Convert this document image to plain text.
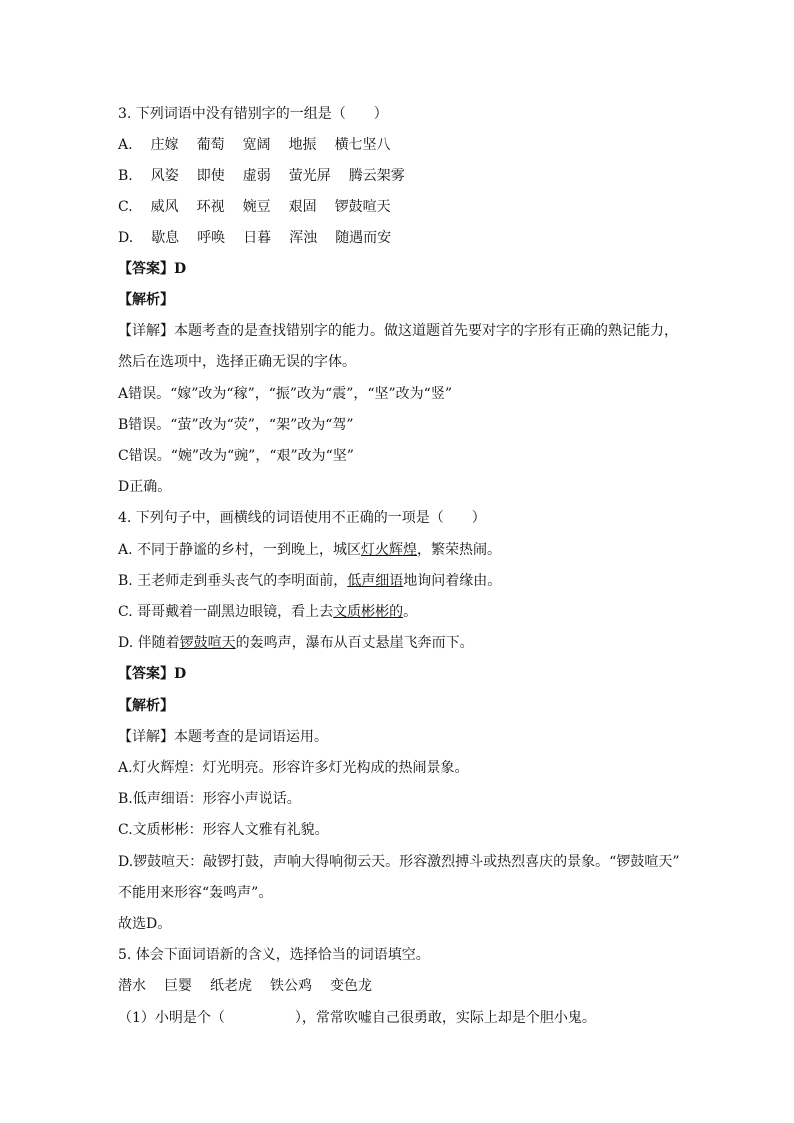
3. 下列词语中没有错别字的一组是（　　）
A. 庄嫁 葡萄 宽阔 地振 横七坚八
B. 风姿 即使 虚弱 萤光屏 腾云架雾
C. 威风 环视 婉豆 艰固 锣鼓喧天
D. 歇息 呼唤 日暮 浑浊 随遇而安
【答案】D
【解析】
【详解】本题考查的是查找错别字的能力。做这道题首先要对字的字形有正确的熟记能力，
然后在选项中，选择正确无误的字体。
A错误。“嫁”改为“稼”，“振”改为“震”，“坚”改为“竖”
B错误。“萤”改为“荧”，“架”改为“驾”
C错误。“婉”改为“豌”，“艰”改为“坚”
D正确。
4. 下列句子中，画横线的词语使用不正确的一项是（　　）
A. 不同于静谧的乡村，一到晚上，城区灯火辉煌，繁荣热闹。
B. 王老师走到垂头丧气的李明面前，低声细语地询问着缘由。
C. 哥哥戴着一副黑边眼镜，看上去文质彬彬的。
D. 伴随着锣鼓喧天的轰鸣声，瀑布从百丈悬崖飞奔而下。
【答案】D
【解析】
【详解】本题考查的是词语运用。
A.灯火辉煌：灯光明亮。形容许多灯光构成的热闹景象。
B.低声细语：形容小声说话。
C.文质彬彬：形容人文雅有礼貌。
D.锣鼓喧天：敲锣打鼓，声响大得响彻云天。形容激烈搏斗或热烈喜庆的景象。“锣鼓喧天”
不能用来形容“轰鸣声”。
故选D。
5. 体会下面词语新的含义，选择恰当的词语填空。
潜水 巨婴 纸老虎 铁公鸡 变色龙
（1）小明是个（　　　　　），常常吹嘘自己很勇敢，实际上却是个胆小鬼。
